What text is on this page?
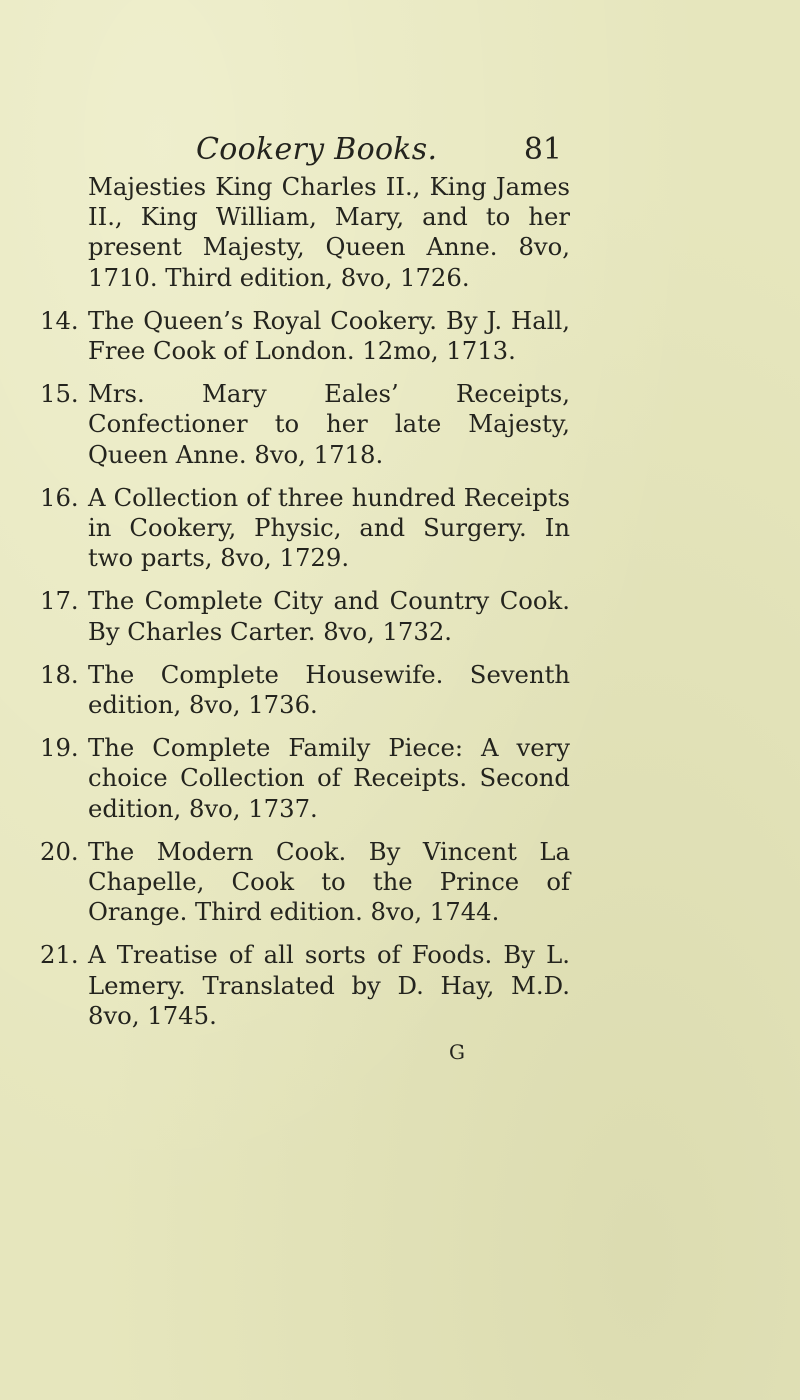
Cookery Books.	81
Majesties King Charles II., King James II., King William, Mary, and to her present Majesty, Queen Anne. 8vo, 1710. Third edition, 8vo, 1726.
14. The Queen’s Royal Cookery. By J. Hall, Free Cook of London. 12mo, 1713.
15. Mrs. Mary Eales’ Receipts, Confectioner to her late Majesty, Queen Anne. 8vo, 1718.
16. A Collection of three hundred Receipts in Cookery, Physic, and Surgery. In two parts, 8vo, 1729.
17. The Complete City and Country Cook. By Charles Carter. 8vo, 1732.
18. The Complete Housewife. Seventh edition, 8vo, 1736.
19. The Complete Family Piece: A very choice Collection of Receipts. Second edition, 8vo, 1737.
20. The Modern Cook. By Vincent La Chapelle, Cook to the Prince of Orange. Third edition. 8vo, 1744.
21. A Treatise of all sorts of Foods. By L. Lemery. Translated by D. Hay, M.D. 8vo, 1745.
G
